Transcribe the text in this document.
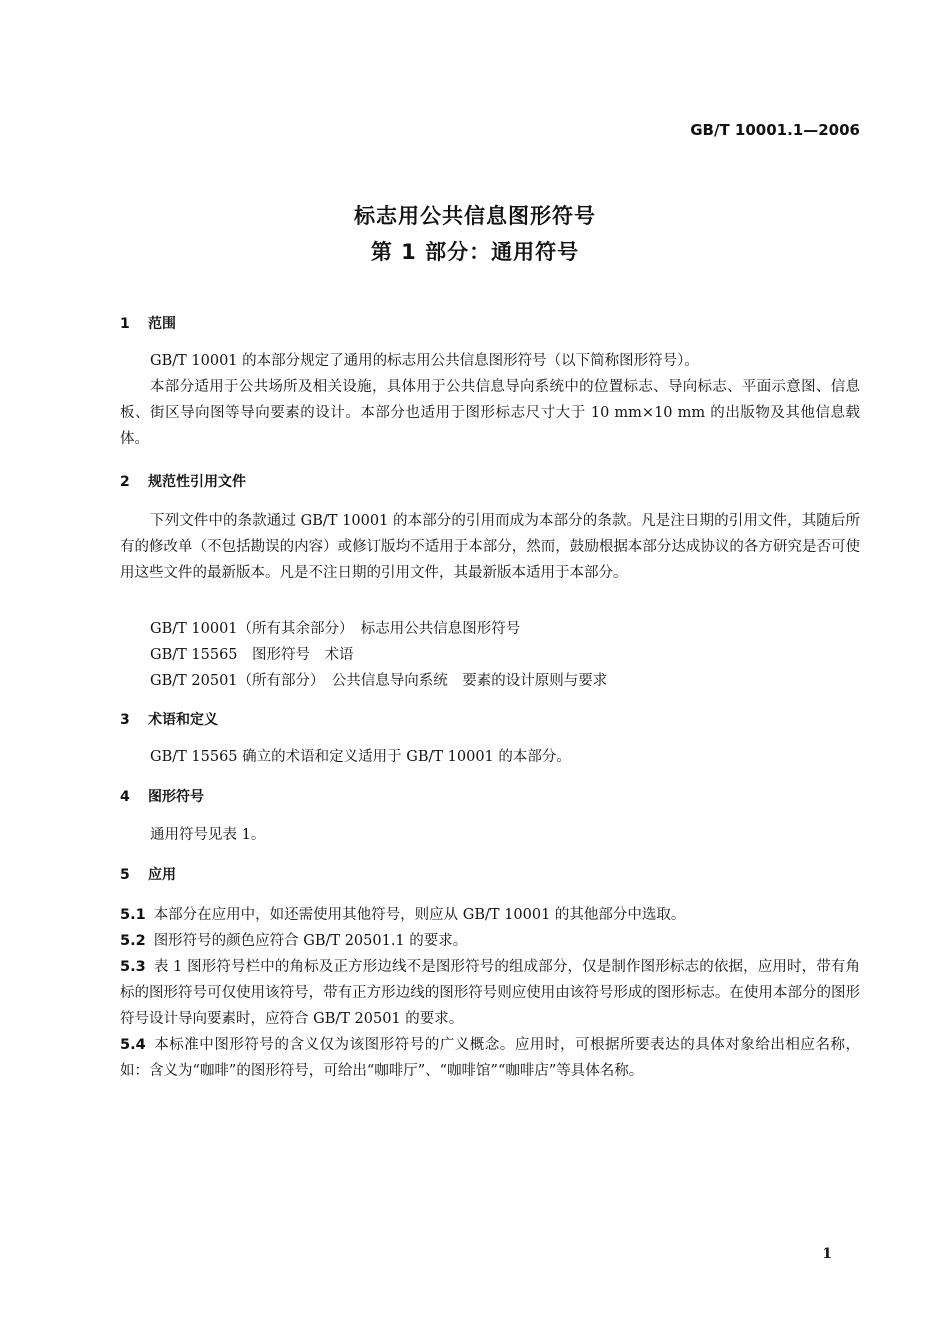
GB/T 10001.1—2006
标志用公共信息图形符号
第 1 部分：通用符号
1 范围

GB/T 10001 的本部分规定了通用的标志用公共信息图形符号（以下简称图形符号）。

本部分适用于公共场所及相关设施，具体用于公共信息导向系统中的位置标志、导向标志、平面示意图、信息板、街区导向图等导向要素的设计。本部分也适用于图形标志尺寸大于 10 mm×10 mm 的出版物及其他信息载体。

2 规范性引用文件

下列文件中的条款通过 GB/T 10001 的本部分的引用而成为本部分的条款。凡是注日期的引用文件，其随后所有的修改单（不包括勘误的内容）或修订版均不适用于本部分，然而，鼓励根据本部分达成协议的各方研究是否可使用这些文件的最新版本。凡是不注日期的引用文件，其最新版本适用于本部分。

GB/T 10001（所有其余部分）　标志用公共信息图形符号
GB/T 15565　图形符号　术语
GB/T 20501（所有部分）　公共信息导向系统　要素的设计原则与要求
3 术语和定义

GB/T 15565 确立的术语和定义适用于 GB/T 10001 的本部分。

4 图形符号

通用符号见表 1。

5 应用

5.1 本部分在应用中，如还需使用其他符号，则应从 GB/T 10001 的其他部分中选取。

5.2 图形符号的颜色应符合 GB/T 20501.1 的要求。

5.3 表 1 图形符号栏中的角标及正方形边线不是图形符号的组成部分，仅是制作图形标志的依据，应用时，带有角标的图形符号可仅使用该符号，带有正方形边线的图形符号则应使用由该符号形成的图形标志。在使用本部分的图形符号设计导向要素时，应符合 GB/T 20501 的要求。

5.4 本标准中图形符号的含义仅为该图形符号的广义概念。应用时，可根据所要表达的具体对象给出相应名称，如：含义为“咖啡”的图形符号，可给出“咖啡厅”、“咖啡馆”“咖啡店”等具体名称。

1
